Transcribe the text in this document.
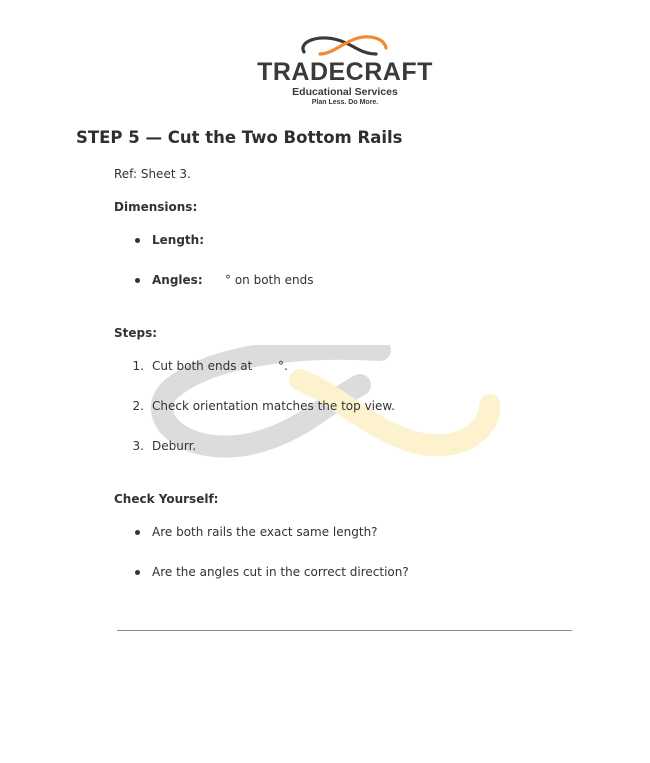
TRADECRAFT
Educational Services
Plan Less. Do More.
STEP 5 — Cut the Two Bottom Rails
Ref: Sheet 3.
Dimensions:
Length:
Angles: ° on both ends
Steps:
1. Cut both ends at °.
2. Check orientation matches the top view.
3. Deburr.
Check Yourself:
Are both rails the exact same length?
Are the angles cut in the correct direction?
